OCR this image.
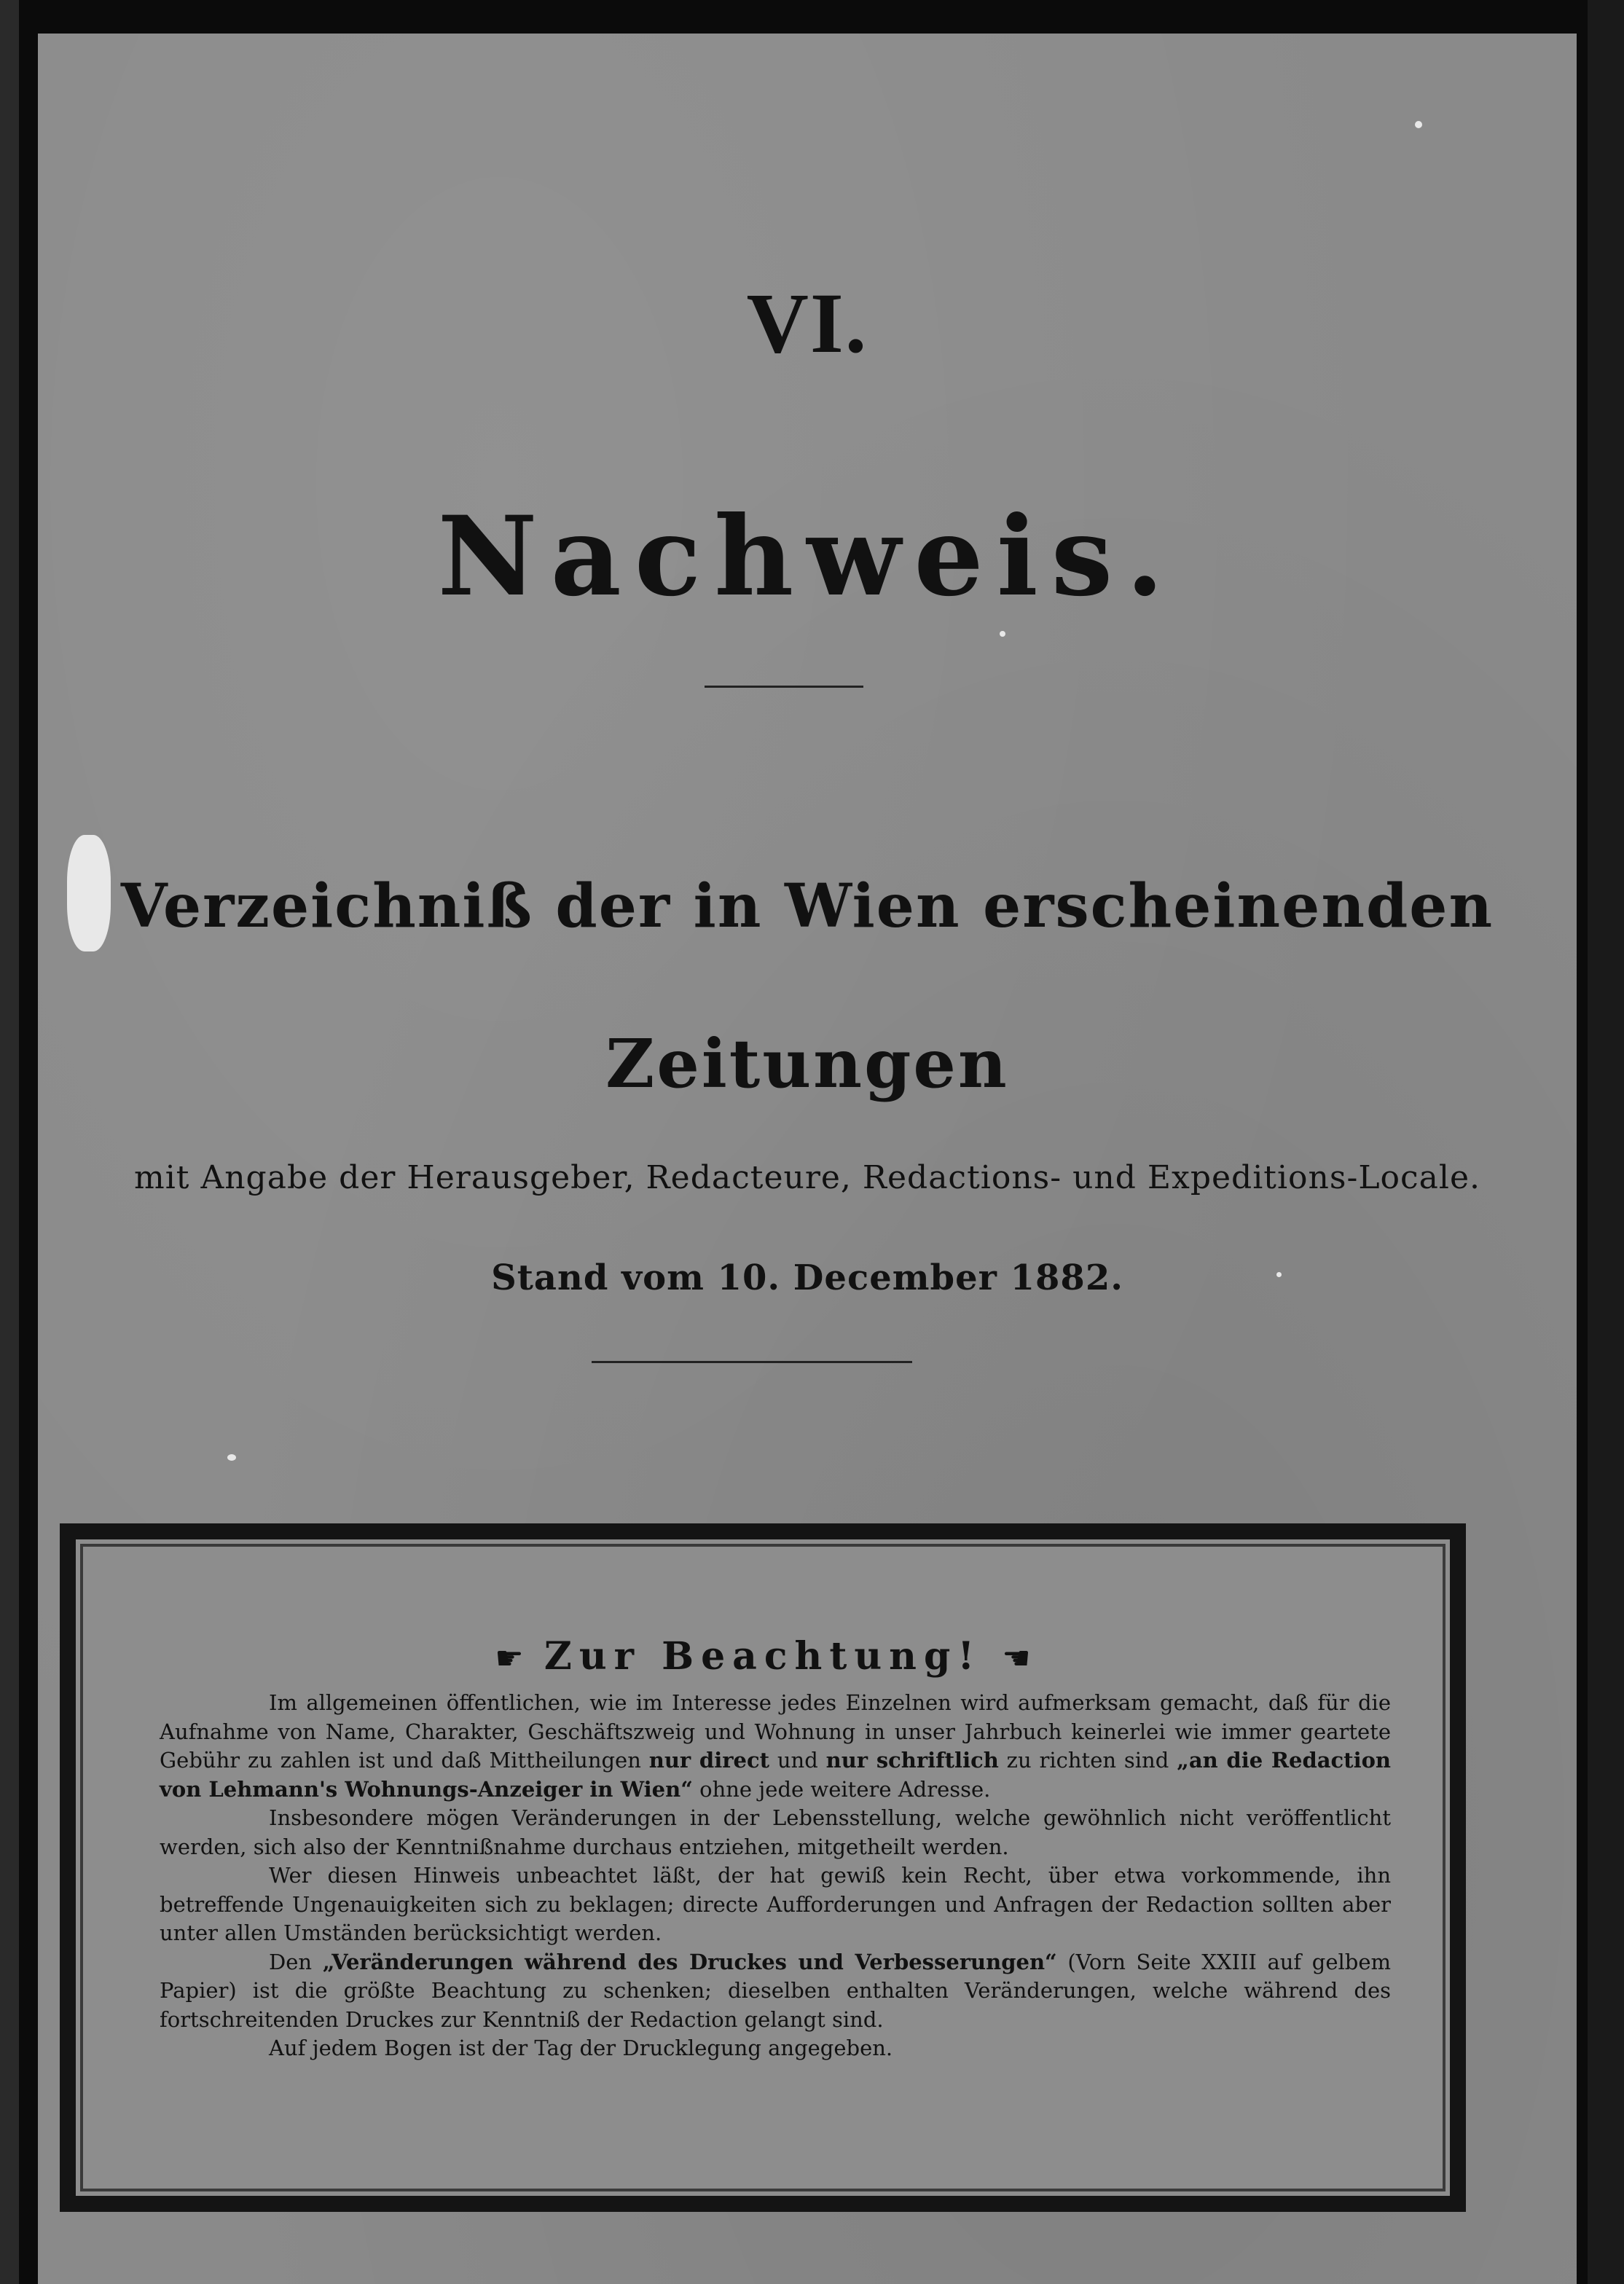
VI.
Nachweis.
Verzeichniß der in Wien erscheinenden
Zeitungen
mit Angabe der Herausgeber, Redacteure, Redactions- und Expeditions-Locale.
Stand vom 10. December 1882.
☛ Zur Beachtung! ☚

Im allgemeinen öffentlichen, wie im Interesse jedes Einzelnen wird aufmerksam gemacht, daß für die Aufnahme von Name, Charakter, Geschäftszweig und Wohnung in unser Jahrbuch keinerlei wie immer geartete Gebühr zu zahlen ist und daß Mittheilungen nur direct und nur schriftlich zu richten sind „an die Redaction von Lehmann's Wohnungs-Anzeiger in Wien“ ohne jede weitere Adresse.

Insbesondere mögen Veränderungen in der Lebensstellung, welche gewöhnlich nicht veröffentlicht werden, sich also der Kenntnißnahme durchaus entziehen, mitgetheilt werden.

Wer diesen Hinweis unbeachtet läßt, der hat gewiß kein Recht, über etwa vorkommende, ihn betreffende Ungenauigkeiten sich zu beklagen; directe Aufforderungen und Anfragen der Redaction sollten aber unter allen Umständen berücksichtigt werden.

Den „Veränderungen während des Druckes und Verbesserungen“ (Vorn Seite XXIII auf gelbem Papier) ist die größte Beachtung zu schenken; dieselben enthalten Veränderungen, welche während des fortschreitenden Druckes zur Kenntniß der Redaction gelangt sind.

Auf jedem Bogen ist der Tag der Drucklegung angegeben.
